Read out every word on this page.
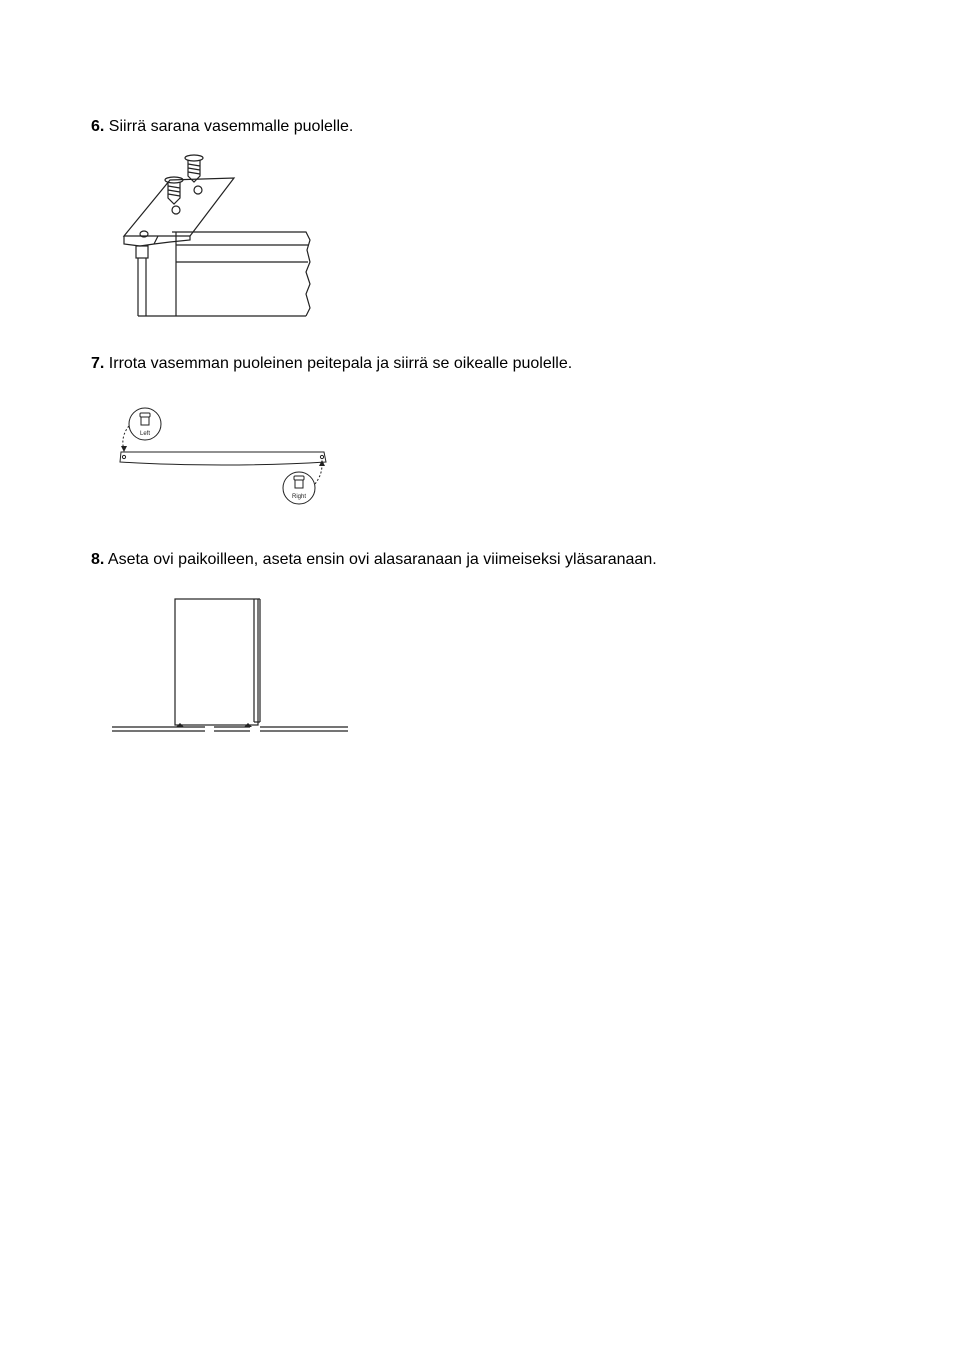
6. Siirrä sarana vasemmalle puolelle.
7. Irrota vasemman puoleinen peitepala ja siirrä se oikealle puolelle.
Left
Right
8. Aseta ovi paikoilleen, aseta ensin ovi alasaranaan ja viimeiseksi yläsaranaan.
